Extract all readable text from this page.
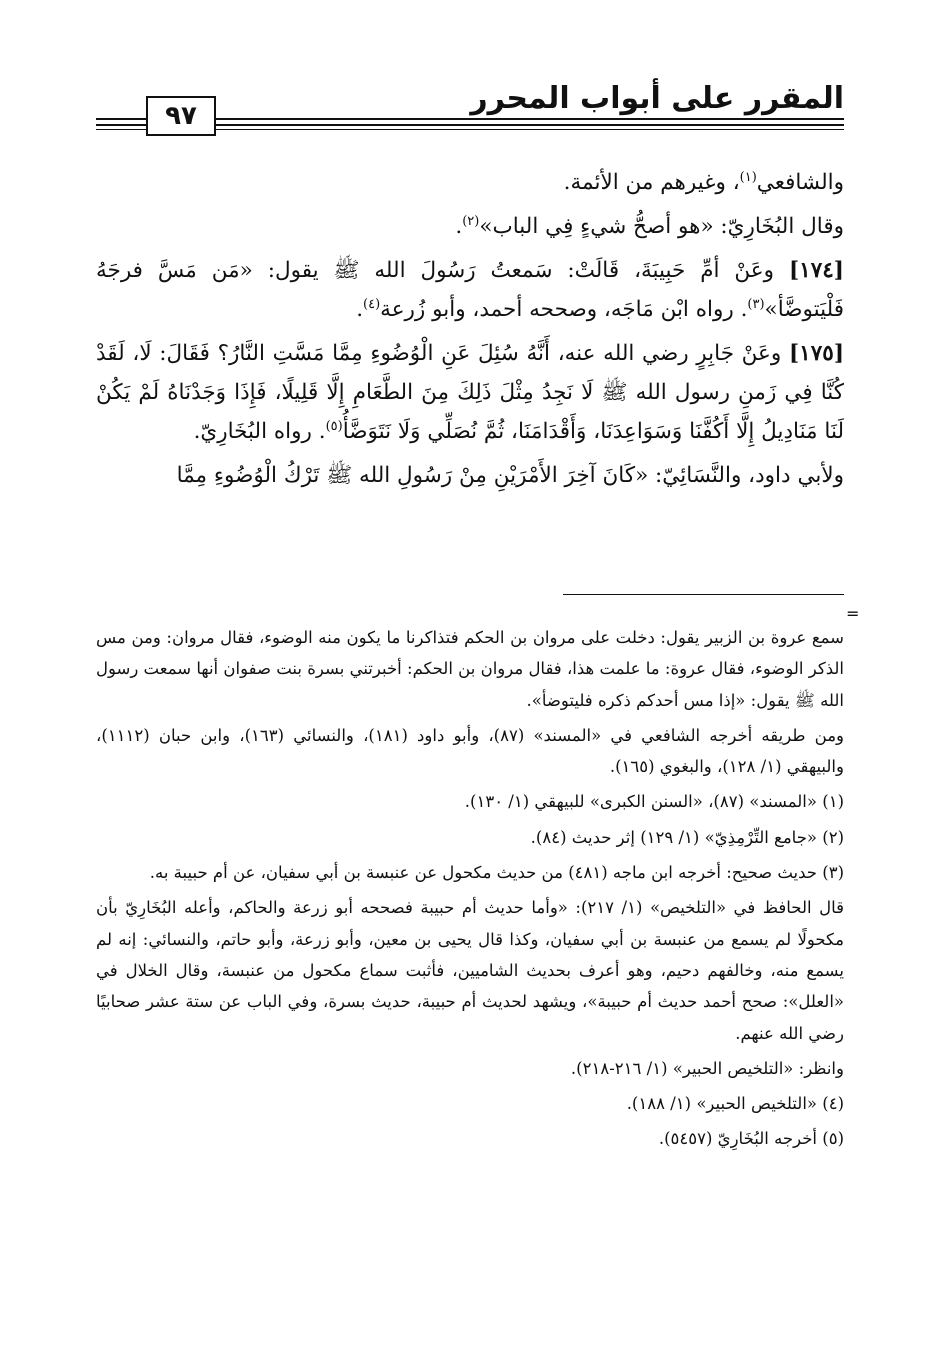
المقرر على أبواب المحرر
٩٧

والشافعي$^{(١)}$، وغيرهم من الأئمة.

وقال البُخَارِيّ: «هو أصحُّ شيءٍ فِي الباب»$^{(٢)}$.

[١٧٤] وعَنْ أمِّ حَبِيبَةَ، قَالَتْ: سَمعتُ رَسُولَ الله ﷺ يقول: «مَن مَسَّ فرجَهُ فَلْيَتوضَّأ»$^{(٣)}$. رواه ابْن مَاجَه، وصححه أحمد، وأبو زُرعة$^{(٤)}$.

[١٧٥] وعَنْ جَابِرٍ رضي الله عنه، أَنَّهُ سُئِلَ عَنِ الْوُضُوءِ مِمَّا مَسَّتِ النَّارُ؟ فَقَالَ: لَا، لَقَدْ كُنَّا فِي زَمنِ رسول الله ﷺ لَا نَجِدُ مِثْلَ ذَلِكَ مِنَ الطَّعَامِ إِلَّا قَلِيلًا، فَإِذَا وَجَدْنَاهُ لَمْ يَكُنْ لَنَا مَنَادِيلُ إِلَّا أَكُفَّنَا وَسَوَاعِدَنَا، وَأَقْدَامَنَا، ثُمَّ نُصَلِّي وَلَا نَتَوَضَّأُ$^{(٥)}$. رواه البُخَارِيّ.

ولأبي داود، والنَّسَائِيّ: «كَانَ آخِرَ الأَمْرَيْنِ مِنْ رَسُولِ الله ﷺ تَرْكُ الْوُضُوءِ مِمَّا

=

سمع عروة بن الزبير يقول: دخلت على مروان بن الحكم فتذاكرنا ما يكون منه الوضوء، فقال مروان: ومن مس الذكر الوضوء، فقال عروة: ما علمت هذا، فقال مروان بن الحكم: أخبرتني بسرة بنت صفوان أنها سمعت رسول الله ﷺ يقول: «إذا مس أحدكم ذكره فليتوضأ».

ومن طريقه أخرجه الشافعي في «المسند» (٨٧)، وأبو داود (١٨١)، والنسائي (١٦٣)، وابن حبان (١١١٢)، والبيهقي (١/ ١٢٨)، والبغوي (١٦٥).

(١) «المسند» (٨٧)، «السنن الكبرى» للبيهقي (١/ ١٣٠).

(٢) «جامع التِّرْمِذِيّ» (١/ ١٢٩) إثر حديث (٨٤).

(٣) حديث صحيح: أخرجه ابن ماجه (٤٨١) من حديث مكحول عن عنبسة بن أبي سفيان، عن أم حبيبة به.

قال الحافظ في «التلخيص» (١/ ٢١٧): «وأما حديث أم حبيبة فصححه أبو زرعة والحاكم، وأعله البُخَارِيّ بأن مكحولًا لم يسمع من عنبسة بن أبي سفيان، وكذا قال يحيى بن معين، وأبو زرعة، وأبو حاتم، والنسائي: إنه لم يسمع منه، وخالفهم دحيم، وهو أعرف بحديث الشاميين، فأثبت سماع مكحول من عنبسة، وقال الخلال في «العلل»: صحح أحمد حديث أم حبيبة»، ويشهد لحديث أم حبيبة، حديث بسرة، وفي الباب عن ستة عشر صحابيًا رضي الله عنهم.

وانظر: «التلخيص الحبير» (١/ ٢١٦-٢١٨).

(٤) «التلخيص الحبير» (١/ ١٨٨).

(٥) أخرجه البُخَارِيّ (٥٤٥٧).
